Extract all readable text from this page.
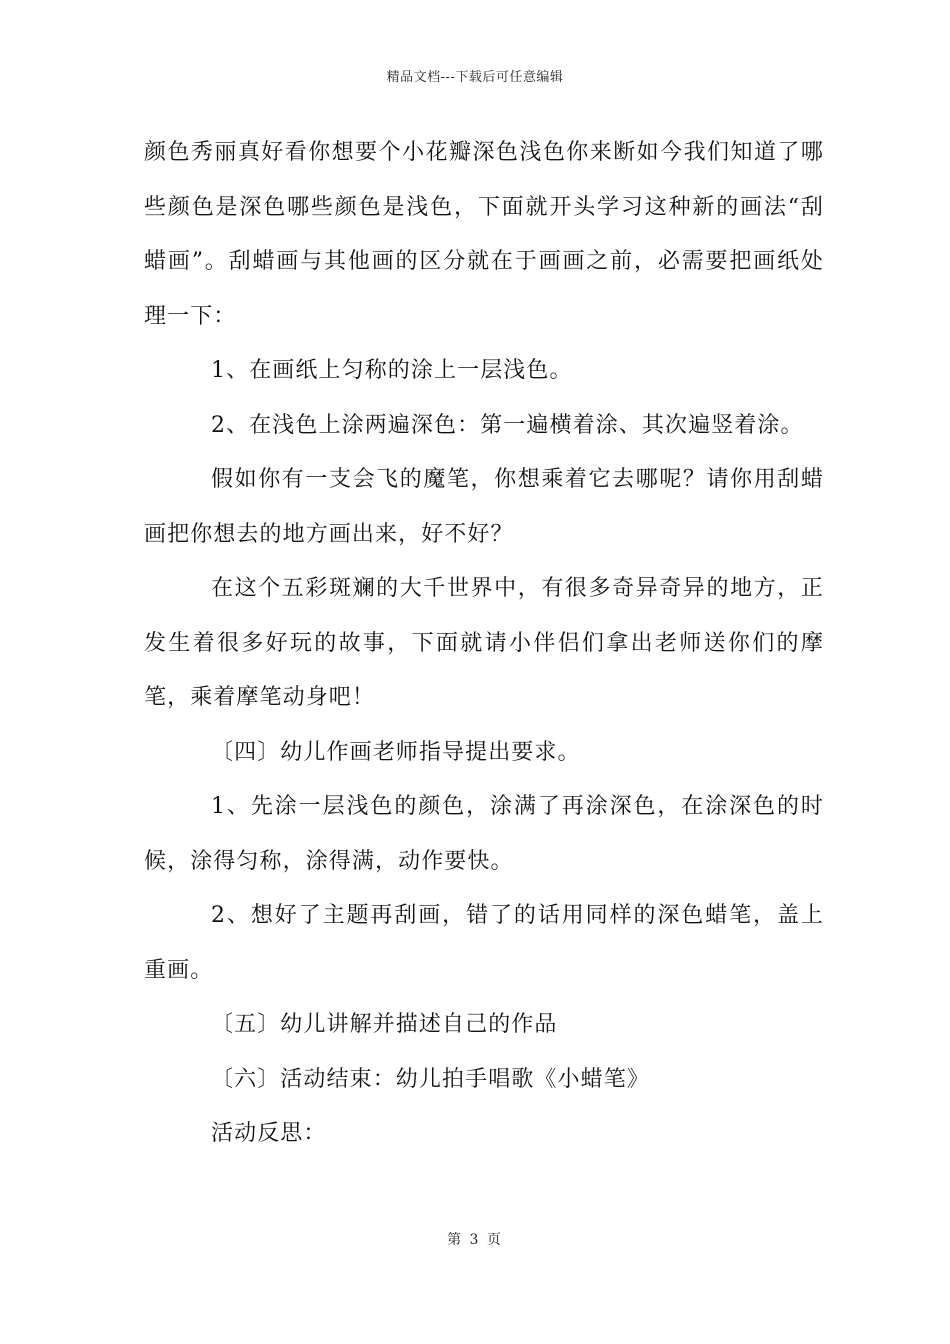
精品文档---下载后可任意编辑

颜色秀丽真好看你想要个小花瓣深色浅色你来断如今我们知道了哪些颜色是深色哪些颜色是浅色，下面就开头学习这种新的画法“刮蜡画”。刮蜡画与其他画的区分就在于画画之前，必需要把画纸处理一下：

1、在画纸上匀称的涂上一层浅色。

2、在浅色上涂两遍深色：第一遍横着涂、其次遍竖着涂。

假如你有一支会飞的魔笔，你想乘着它去哪呢？请你用刮蜡画把你想去的地方画出来，好不好？

在这个五彩斑斓的大千世界中，有很多奇异奇异的地方，正发生着很多好玩的故事，下面就请小伴侣们拿出老师送你们的摩笔，乘着摩笔动身吧！

〔四〕幼儿作画老师指导提出要求。

1、先涂一层浅色的颜色，涂满了再涂深色，在涂深色的时候，涂得匀称，涂得满，动作要快。

2、想好了主题再刮画，错了的话用同样的深色蜡笔，盖上重画。

〔五〕幼儿讲解并描述自己的作品

〔六〕活动结束：幼儿拍手唱歌《小蜡笔》

活动反思：

第 3 页
